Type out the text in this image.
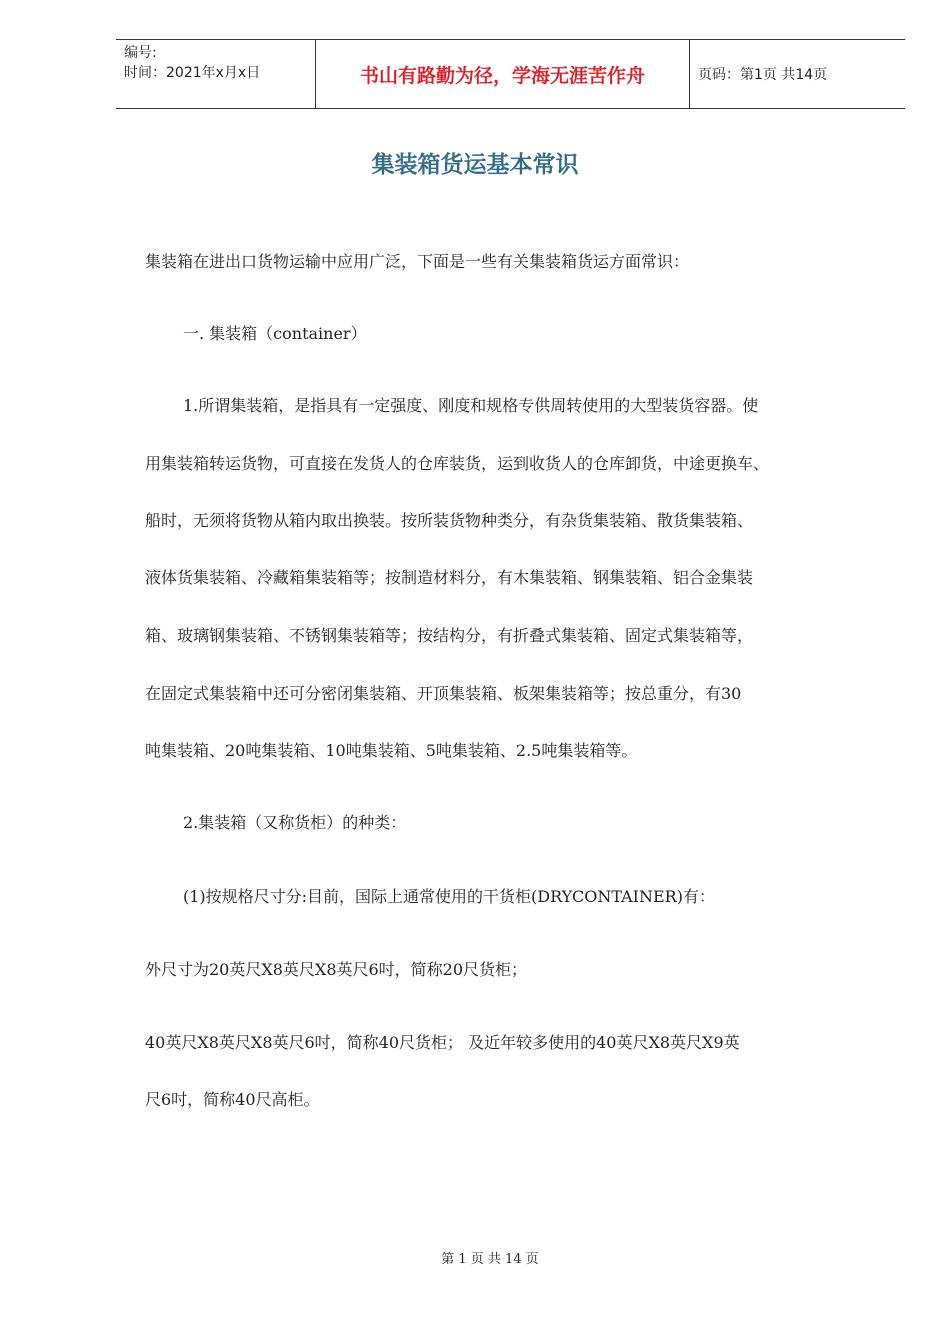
编号:
时间：2021年x月x日	书山有路勤为径，学海无涯苦作舟	页码：第1页 共14页
集装箱货运基本常识
集装箱在进出口货物运输中应用广泛，下面是一些有关集装箱货运方面常识：
一. 集装箱（container）
1.所谓集装箱，是指具有一定强度、刚度和规格专供周转使用的大型装货容器。使
用集装箱转运货物，可直接在发货人的仓库装货，运到收货人的仓库卸货，中途更换车、
船时，无须将货物从箱内取出换装。按所装货物种类分，有杂货集装箱、散货集装箱、
液体货集装箱、冷藏箱集装箱等；按制造材料分，有木集装箱、钢集装箱、铝合金集装
箱、玻璃钢集装箱、不锈钢集装箱等；按结构分，有折叠式集装箱、固定式集装箱等，
在固定式集装箱中还可分密闭集装箱、开顶集装箱、板架集装箱等；按总重分，有30
吨集装箱、20吨集装箱、10吨集装箱、5吨集装箱、2.5吨集装箱等。
2.集装箱（又称货柜）的种类：
(1)按规格尺寸分:目前，国际上通常使用的干货柜(DRYCONTAINER)有：
外尺寸为20英尺X8英尺X8英尺6吋，简称20尺货柜；
40英尺X8英尺X8英尺6吋，简称40尺货柜； 及近年较多使用的40英尺X8英尺X9英
尺6吋，简称40尺高柜。
第 1 页 共 14 页
